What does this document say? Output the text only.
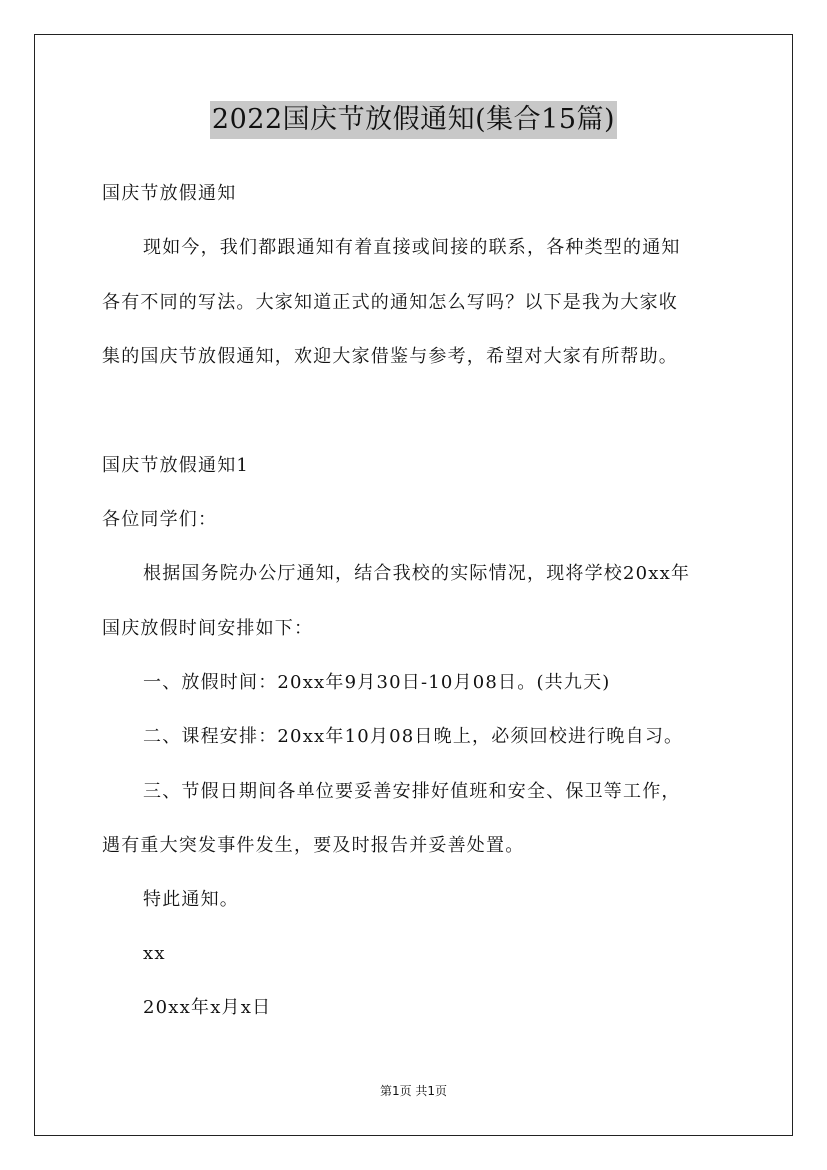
2022国庆节放假通知(集合15篇)
国庆节放假通知
现如今，我们都跟通知有着直接或间接的联系，各种类型的通知
各有不同的写法。大家知道正式的通知怎么写吗？以下是我为大家收
集的国庆节放假通知，欢迎大家借鉴与参考，希望对大家有所帮助。
国庆节放假通知1
各位同学们：
根据国务院办公厅通知，结合我校的实际情况，现将学校20xx年
国庆放假时间安排如下：
一、放假时间：20xx年9月30日-10月08日。(共九天)
二、课程安排：20xx年10月08日晚上，必须回校进行晚自习。
三、节假日期间各单位要妥善安排好值班和安全、保卫等工作，
遇有重大突发事件发生，要及时报告并妥善处置。
特此通知。
xx
20xx年x月x日
第1页 共1页
